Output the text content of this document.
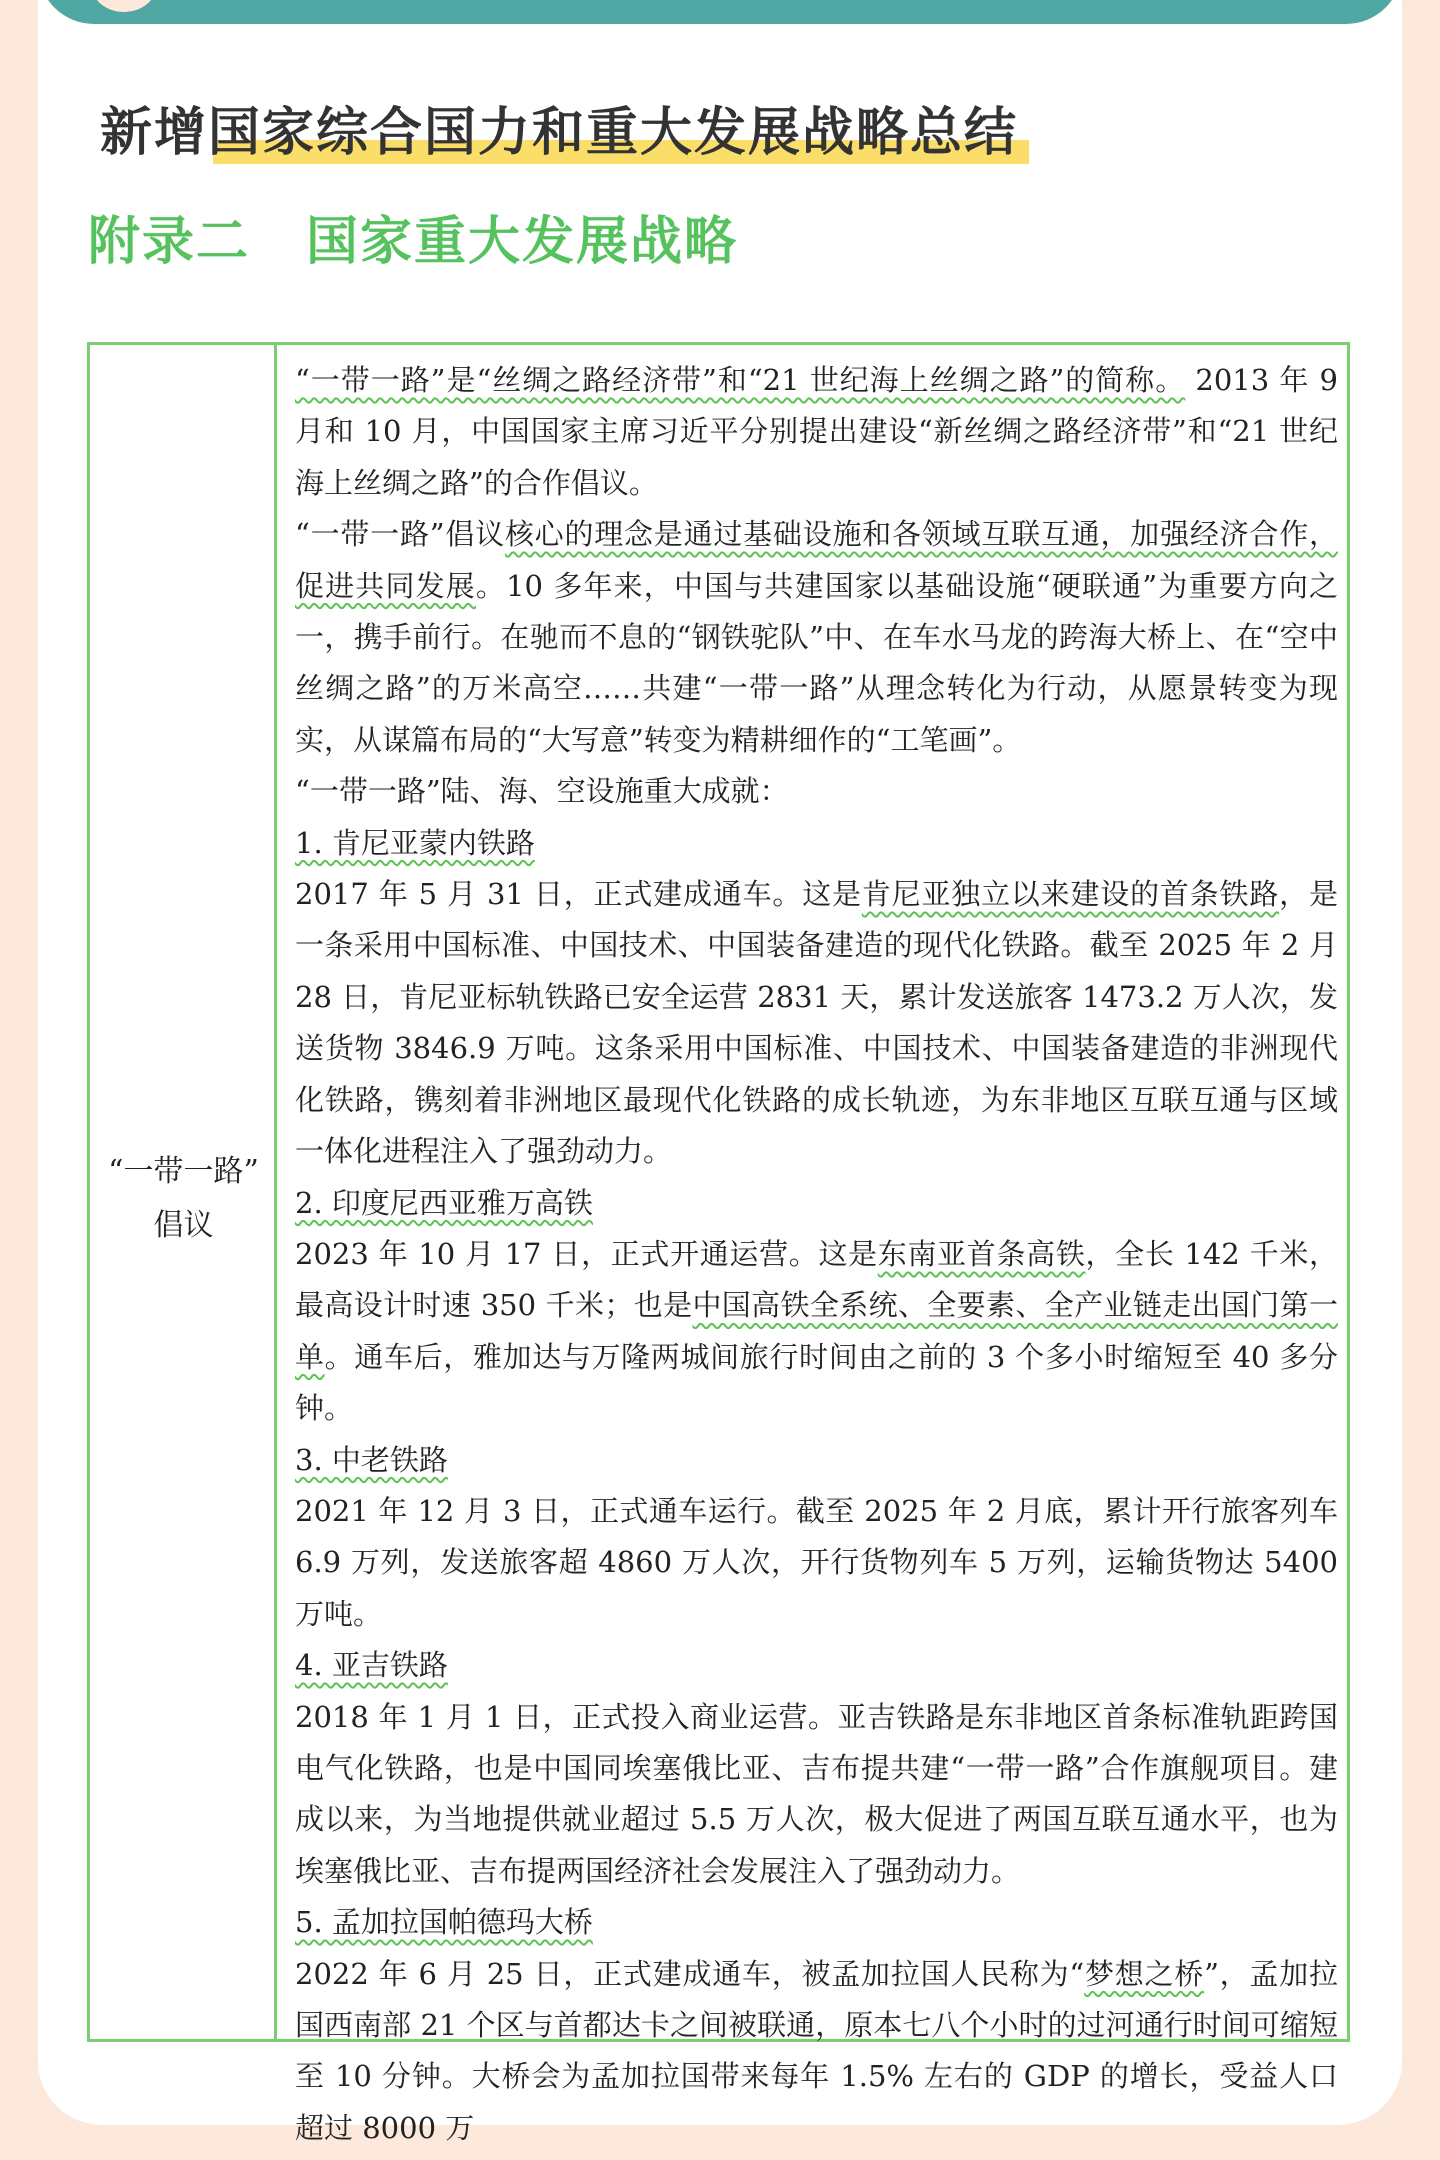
新增国家综合国力和重大发展战略总结
附录二 国家重大发展战略
“一带一路”
倡议

“一带一路”是“丝绸之路经济带”和“21 世纪海上丝绸之路”的简称。 2013 年 9 月和 10 月，中国国家主席习近平分别提出建设“新丝绸之路经济带”和“21 世纪海上丝绸之路”的合作倡议。

“一带一路”倡议核心的理念是通过基础设施和各领域互联互通，加强经济合作，促进共同发展。10 多年来，中国与共建国家以基础设施“硬联通”为重要方向之一，携手前行。在驰而不息的“钢铁驼队”中、在车水马龙的跨海大桥上、在“空中丝绸之路”的万米高空……共建“一带一路”从理念转化为行动，从愿景转变为现实，从谋篇布局的“大写意”转变为精耕细作的“工笔画”。

“一带一路”陆、海、空设施重大成就：

1. 肯尼亚蒙内铁路

2017 年 5 月 31 日，正式建成通车。这是肯尼亚独立以来建设的首条铁路，是一条采用中国标准、中国技术、中国装备建造的现代化铁路。截至 2025 年 2 月 28 日，肯尼亚标轨铁路已安全运营 2831 天，累计发送旅客 1473.2 万人次，发送货物 3846.9 万吨。这条采用中国标准、中国技术、中国装备建造的非洲现代化铁路，镌刻着非洲地区最现代化铁路的成长轨迹，为东非地区互联互通与区域一体化进程注入了强劲动力。

2. 印度尼西亚雅万高铁

2023 年 10 月 17 日，正式开通运营。这是东南亚首条高铁，全长 142 千米，最高设计时速 350 千米；也是中国高铁全系统、全要素、全产业链走出国门第一单。通车后，雅加达与万隆两城间旅行时间由之前的 3 个多小时缩短至 40 多分钟。

3. 中老铁路

2021 年 12 月 3 日，正式通车运行。截至 2025 年 2 月底，累计开行旅客列车 6.9 万列，发送旅客超 4860 万人次，开行货物列车 5 万列，运输货物达 5400 万吨。

4. 亚吉铁路

2018 年 1 月 1 日，正式投入商业运营。亚吉铁路是东非地区首条标准轨距跨国电气化铁路，也是中国同埃塞俄比亚、吉布提共建“一带一路”合作旗舰项目。建成以来，为当地提供就业超过 5.5 万人次，极大促进了两国互联互通水平，也为埃塞俄比亚、吉布提两国经济社会发展注入了强劲动力。

5. 孟加拉国帕德玛大桥

2022 年 6 月 25 日，正式建成通车，被孟加拉国人民称为“梦想之桥”，孟加拉国西南部 21 个区与首都达卡之间被联通，原本七八个小时的过河通行时间可缩短至 10 分钟。大桥会为孟加拉国带来每年 1.5% 左右的 GDP 的增长，受益人口超过 8000 万
